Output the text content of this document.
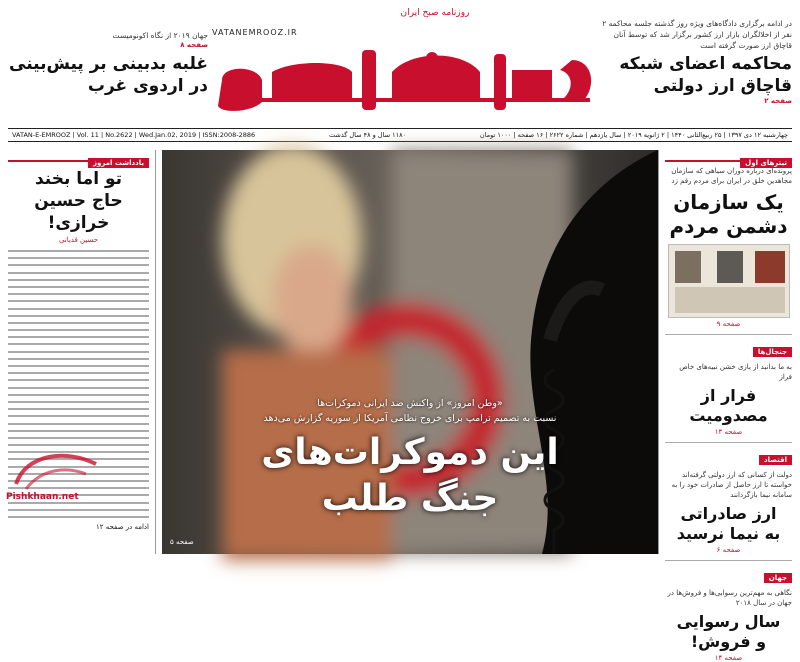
در ادامه برگزاری دادگاه‌های ویژه روز گذشته جلسه محاکمه ۲ نفر از اخلالگران بازار ارز کشور برگزار شد که توسط آنان قاچاق ارز صورت گرفته است
محاکمه اعضای شبکه
قاچاق ارز دولتی
صفحه ۲
VATANEMROOZ.IR
روزنامه صبح ایران
جهان ۲۰۱۹ از نگاه اکونومیست
صفحه ۸
غلبه بدبینی بر پیش‌بینی
در اردوی غرب
چهارشنبه ۱۲ دی ۱۳۹۷ | ۲۵ ربیع‌الثانی ۱۴۴۰ | ۲ ژانویه ۲۰۱۹ | سال یازدهم | شماره ۲۶۲۲ | ۱۶ صفحه | ۱۰۰۰ تومان
۱۱۸۰ سال و ۴۸ سال گذشت
VATAN-E-EMROOZ | Vol. 11 | No.2622 | Wed.Jan.02, 2019 | ISSN:2008-2886
تیترهای اول
پرونده‌ای درباره دوران سیاهی که سازمان مجاهدین خلق در ایران برای مردم رقم زد
یک سازمان
دشمن مردم
صفحه ۹
جنجال‌ها
به ما بدانید از بازی خشن نبیه‌های خاص فراز
فرار از
مصدومیت
صفحه ۱۴
اقتصاد
دولت از کسانی که ارز دولتی گرفته‌اند خواسته تا ارز حاصل از صادرات خود را به سامانه نیما بازگردانند
ارز صادراتی
به نیما نرسید
صفحه ۶
جهان
نگاهی به مهم‌ترین رسوایی‌ها و فروش‌ها در جهان در سال ۲۰۱۸
سال رسوایی
و فروش!
صفحه ۱۴
«وطن امروز» از واکنش ضد ایرانی دموکرات‌ها
نسبت به تصمیم ترامپ برای خروج نظامی آمریکا از سوریه گزارش می‌دهد
این دموکرات‌های
جنگ طلب
صفحه ۵
یادداشت امروز
تو اما بخند
حاج حسین خرازی!
حسین قدیانی
ادامه در صفحه ۱۲
Pishkhaan.net
